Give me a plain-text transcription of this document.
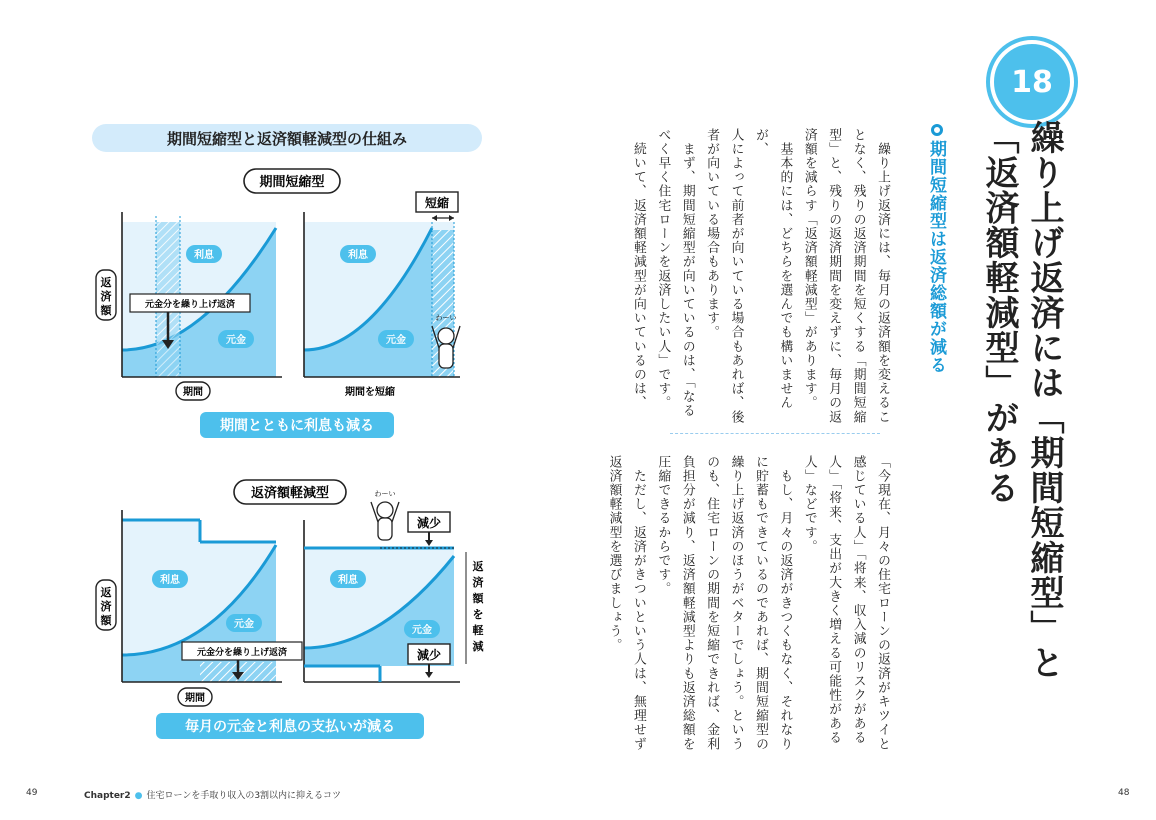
18
繰り上げ返済には「期間短縮型」と
「返済額軽減型」がある
期間短縮型は返済総額が減る
　繰り上げ返済には、毎月の返済額を変えるこ
となく、残りの返済期間を短くする「期間短縮
型」と、残りの返済期間を変えずに、毎月の返
済額を減らす「返済額軽減型」があります。
　基本的には、どちらを選んでも構いませんが、
人によって前者が向いている場合もあれば、後
者が向いている場合もあります。
　まず、期間短縮型が向いているのは、「なる
べく早く住宅ローンを返済したい人」です。
　続いて、返済額軽減型が向いているのは、
「今現在、月々の住宅ローンの返済がキツイと
感じている人」「将来、収入減のリスクがある
人」「将来、支出が大きく増える可能性がある
人」などです。
　もし、月々の返済がきつくもなく、それなり
に貯蓄もできているのであれば、期間短縮型の
繰り上げ返済のほうがベターでしょう。という
のも、住宅ローンの期間を短縮できれば、金利
負担分が減り、返済額軽減型よりも返済総額を
圧縮できるからです。
　ただし、返済がきついという人は、無理せず
返済額軽減型を選びましょう。
期間短縮型と返済額軽減型の仕組み
期間短縮型
利息
元金
元金分を繰り上げ返済
返
済
額
期間
利息
元金
短縮
わーい
期間を短縮
期間とともに利息も減る
返済額軽減型
利息
元金
元金分を繰り上げ返済
返
済
額
期間
利息
元金
減少
減少
わーい
返
済
額
を
軽
減
毎月の元金と利息の支払いが減る
49	Chapter2 ● 住宅ローンを手取り収入の3割以内に抑えるコツ	48
